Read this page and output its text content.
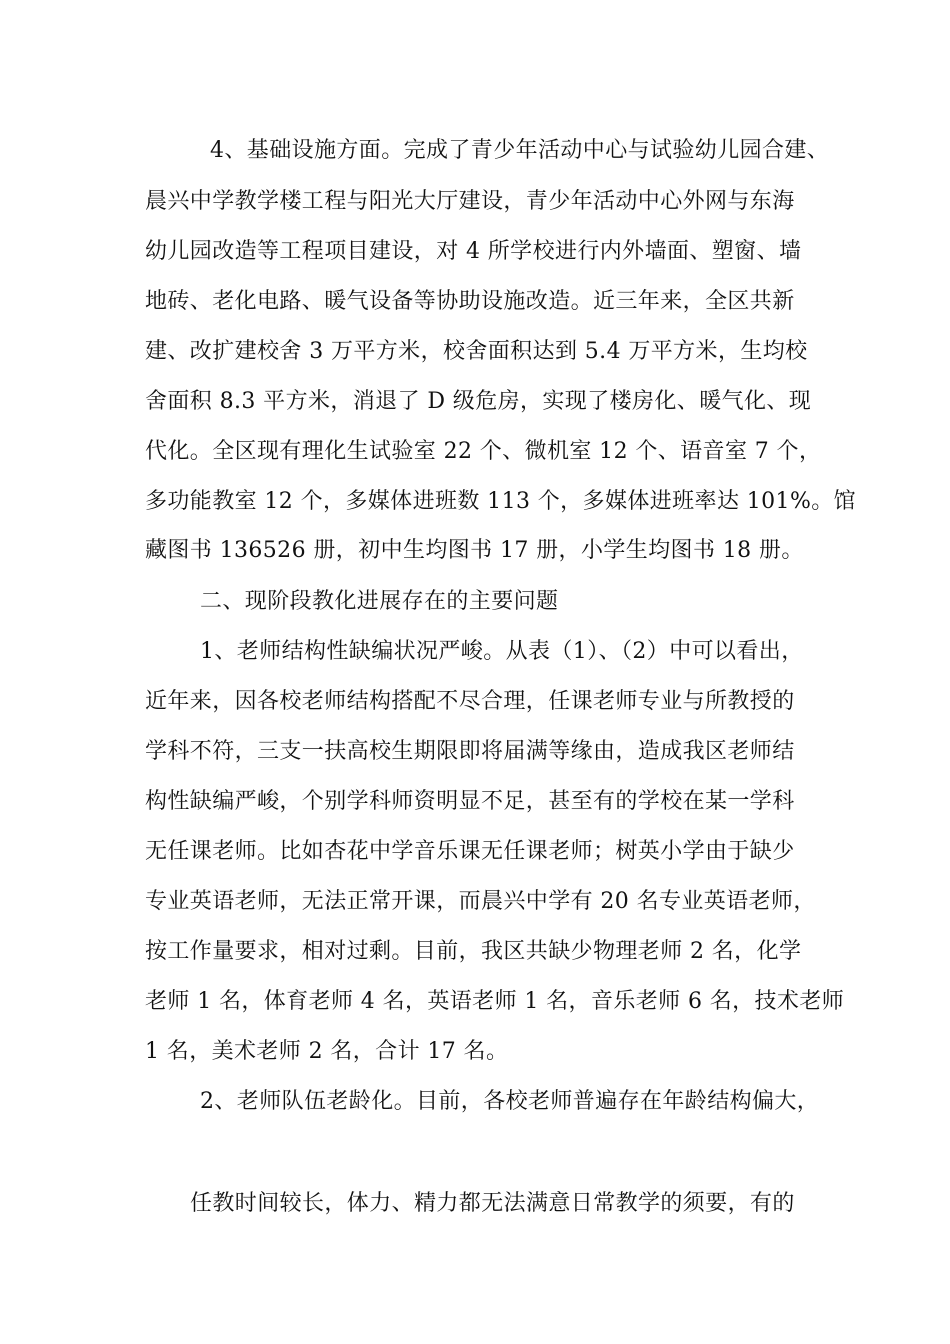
4、基础设施方面。完成了青少年活动中心与试验幼儿园合建、
晨兴中学教学楼工程与阳光大厅建设，青少年活动中心外网与东海
幼儿园改造等工程项目建设，对 4 所学校进行内外墙面、塑窗、墙
地砖、老化电路、暖气设备等协助设施改造。近三年来，全区共新
建、改扩建校舍 3 万平方米，校舍面积达到 5.4 万平方米，生均校
舍面积 8.3 平方米，消退了 D 级危房，实现了楼房化、暖气化、现
代化。全区现有理化生试验室 22 个、微机室 12 个、语音室 7 个，
多功能教室 12 个，多媒体进班数 113 个，多媒体进班率达 101%。馆
藏图书 136526 册，初中生均图书 17 册，小学生均图书 18 册。
二、现阶段教化进展存在的主要问题
1、老师结构性缺编状况严峻。从表（1）、（2）中可以看出，
近年来，因各校老师结构搭配不尽合理，任课老师专业与所教授的
学科不符，三支一扶高校生期限即将届满等缘由，造成我区老师结
构性缺编严峻，个别学科师资明显不足，甚至有的学校在某一学科
无任课老师。比如杏花中学音乐课无任课老师；树英小学由于缺少
专业英语老师，无法正常开课，而晨兴中学有 20 名专业英语老师，
按工作量要求，相对过剩。目前，我区共缺少物理老师 2 名，化学
老师 1 名，体育老师 4 名，英语老师 1 名，音乐老师 6 名，技术老师
1 名，美术老师 2 名，合计 17 名。
2、老师队伍老龄化。目前，各校老师普遍存在年龄结构偏大，
任教时间较长，体力、精力都无法满意日常教学的须要，有的
